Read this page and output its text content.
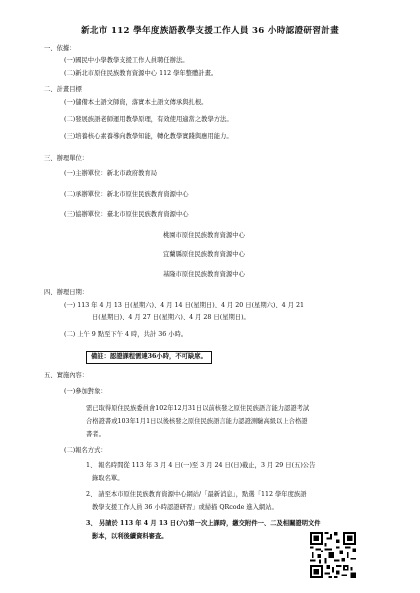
新北市 112 學年度族語教學支援工作人員 36 小時認證研習計畫
一、依據：
(一)國民中小學教學支援工作人員聘任辦法。
(二)新北市原住民族教育資源中心 112 學年整體計畫。
二、計畫目標
(一)儲備本土語文師資，落實本土語文傳承與扎根。
(二)發展族語老師運用教學原理，有效使用適當之教學方法。
(三)培養核心素養導向教學知能，轉化教學實踐與應用能力。
三、辦理單位：
(一)主辦單位：新北市政府教育局
(二)承辦單位：新北市原住民族教育資源中心
(三)協辦單位：臺北市原住民族教育資源中心
桃園市原住民族教育資源中心
宜蘭縣原住民族教育資源中心
基隆市原住民族教育資源中心
四、辦理日期：
(一) 113 年 4 月 13 日(星期六)、4 月 14 日(星期日)、4 月 20 日(星期六)、4 月 21
日(星期日)、4 月 27 日(星期六)、4 月 28 日(星期日)。
(二) 上午 9 點至下午 4 時，共計 36 小時。
備註：認證課程需達36小時，不可缺席。
五、實施內容：
(一)參加對象：
需已取得原住民族委員會102年12月31日以前核發之原住民族語言能力認證考試
合格證書或103年1月1日以後核發之原住民族語言能力認證測驗高級以上合格證
書者。
(二)報名方式：
1、 報名時間從 113 年 3 月 4 日(一)至 3 月 24 日(日)截止，3 月 29 日(五)公告
錄取名單。
2、 請至本市原住民族教育資源中心網站/「最新消息」，點選「112 學年度族語
教學支援工作人員 36 小時認證研習」或掃描 QRcode 進入網站。
3、 另請於 113 年 4 月 13 日(六)第一次上課時，繳交附件一、二及相關證明文件
影本，以利後續資料審查。
